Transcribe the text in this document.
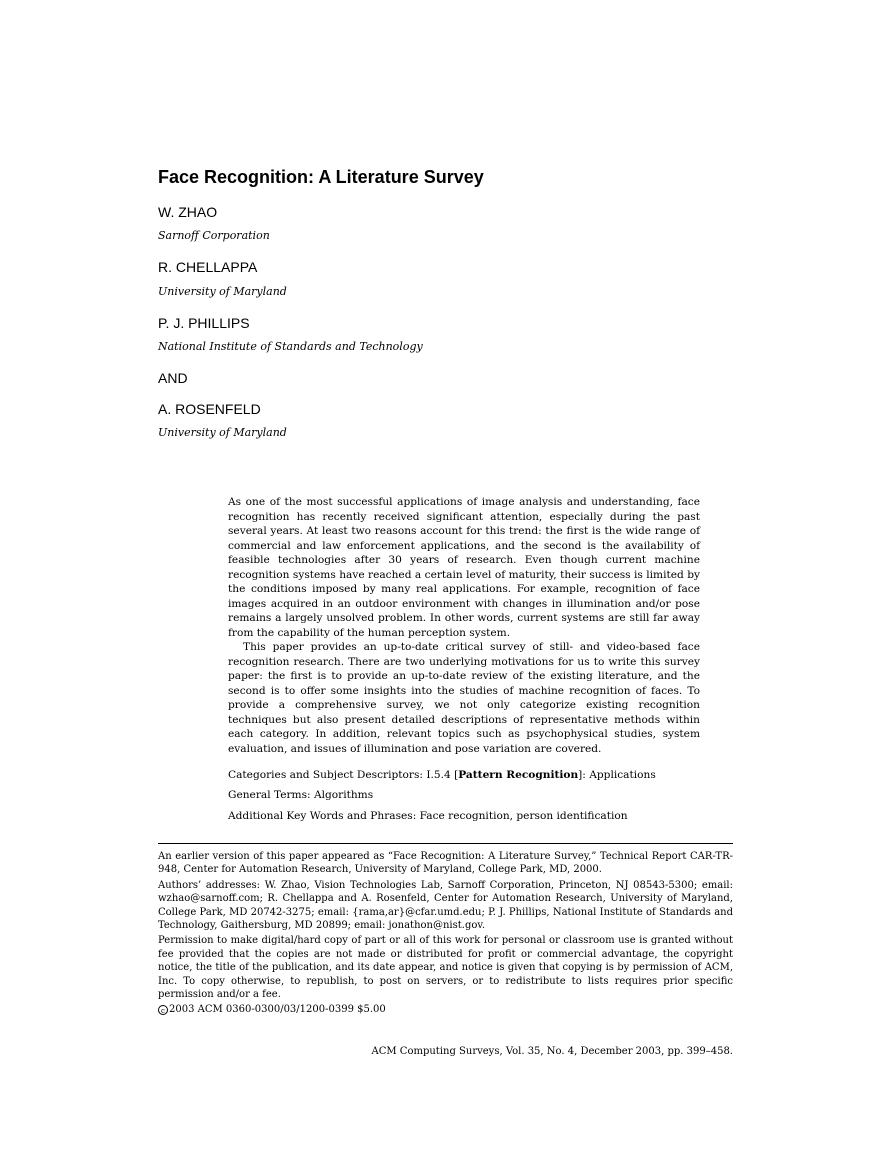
Face Recognition: A Literature Survey
W. ZHAO
Sarnoff Corporation
R. CHELLAPPA
University of Maryland
P. J. PHILLIPS
National Institute of Standards and Technology
AND
A. ROSENFELD
University of Maryland

As one of the most successful applications of image analysis and understanding, face recognition has recently received significant attention, especially during the past several years. At least two reasons account for this trend: the first is the wide range of commercial and law enforcement applications, and the second is the availability of feasible technologies after 30 years of research. Even though current machine recognition systems have reached a certain level of maturity, their success is limited by the conditions imposed by many real applications. For example, recognition of face images acquired in an outdoor environment with changes in illumination and/or pose remains a largely unsolved problem. In other words, current systems are still far away from the capability of the human perception system.

This paper provides an up-to-date critical survey of still- and video-based face recognition research. There are two underlying motivations for us to write this survey paper: the first is to provide an up-to-date review of the existing literature, and the second is to offer some insights into the studies of machine recognition of faces. To provide a comprehensive survey, we not only categorize existing recognition techniques but also present detailed descriptions of representative methods within each category. In addition, relevant topics such as psychophysical studies, system evaluation, and issues of illumination and pose variation are covered.

Categories and Subject Descriptors: I.5.4 [Pattern Recognition]: Applications
General Terms: Algorithms
Additional Key Words and Phrases: Face recognition, person identification

An earlier version of this paper appeared as “Face Recognition: A Literature Survey,” Technical Report CAR-TR-948, Center for Automation Research, University of Maryland, College Park, MD, 2000.

Authors’ addresses: W. Zhao, Vision Technologies Lab, Sarnoff Corporation, Princeton, NJ 08543-5300; email: wzhao@sarnoff.com; R. Chellappa and A. Rosenfeld, Center for Automation Research, University of Maryland, College Park, MD 20742-3275; email: {rama,ar}@cfar.umd.edu; P. J. Phillips, National Institute of Standards and Technology, Gaithersburg, MD 20899; email: jonathon@nist.gov.

Permission to make digital/hard copy of part or all of this work for personal or classroom use is granted without fee provided that the copies are not made or distributed for profit or commercial advantage, the copyright notice, the title of the publication, and its date appear, and notice is given that copying is by permission of ACM, Inc. To copy otherwise, to republish, to post on servers, or to redistribute to lists requires prior specific permission and/or a fee.

c 2003 ACM 0360-0300/03/1200-0399 $5.00
ACM Computing Surveys, Vol. 35, No. 4, December 2003, pp. 399–458.
